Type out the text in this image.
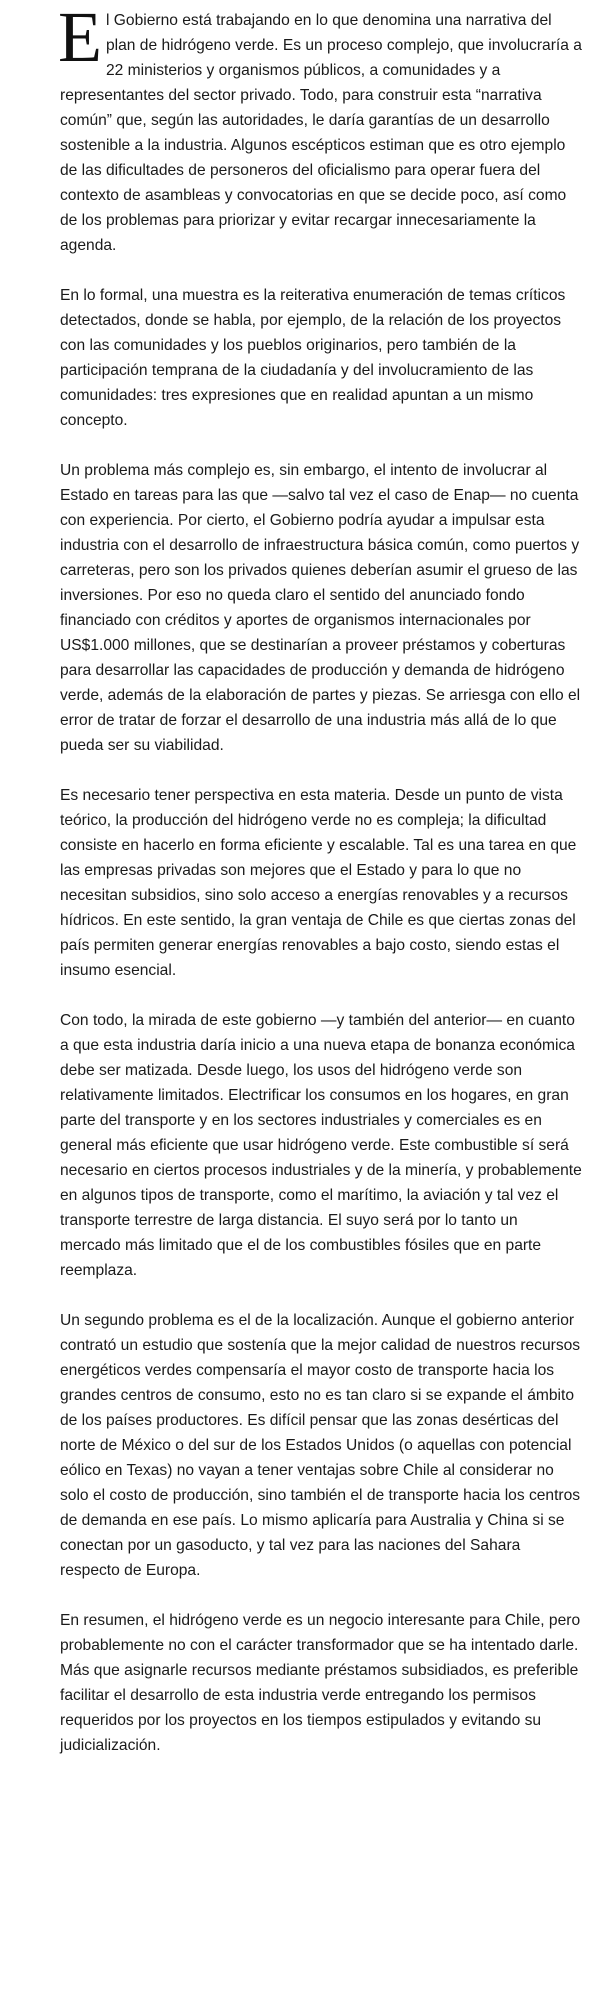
El Gobierno está trabajando en lo que denomina una narrativa del plan de hidrógeno verde. Es un proceso complejo, que involucraría a 22 ministerios y organismos públicos, a comunidades y a representantes del sector privado. Todo, para construir esta “narrativa común” que, según las autoridades, le daría garantías de un desarrollo sostenible a la industria. Algunos escépticos estiman que es otro ejemplo de las dificultades de personeros del oficialismo para operar fuera del contexto de asambleas y convocatorias en que se decide poco, así como de los problemas para priorizar y evitar recargar innecesariamente la agenda.

En lo formal, una muestra es la reiterativa enumeración de temas críticos detectados, donde se habla, por ejemplo, de la relación de los proyectos con las comunidades y los pueblos originarios, pero también de la participación temprana de la ciudadanía y del involucramiento de las comunidades: tres expresiones que en realidad apuntan a un mismo concepto.

Un problema más complejo es, sin embargo, el intento de involucrar al Estado en tareas para las que —salvo tal vez el caso de Enap— no cuenta con experiencia. Por cierto, el Gobierno podría ayudar a impulsar esta industria con el desarrollo de infraestructura básica común, como puertos y carreteras, pero son los privados quienes deberían asumir el grueso de las inversiones. Por eso no queda claro el sentido del anunciado fondo financiado con créditos y aportes de organismos internacionales por US$1.000 millones, que se destinarían a proveer préstamos y coberturas para desarrollar las capacidades de producción y demanda de hidrógeno verde, además de la elaboración de partes y piezas. Se arriesga con ello el error de tratar de forzar el desarrollo de una industria más allá de lo que pueda ser su viabilidad.

Es necesario tener perspectiva en esta materia. Desde un punto de vista teórico, la producción del hidrógeno verde no es compleja; la dificultad consiste en hacerlo en forma eficiente y escalable. Tal es una tarea en que las empresas privadas son mejores que el Estado y para lo que no necesitan subsidios, sino solo acceso a energías renovables y a recursos hídricos. En este sentido, la gran ventaja de Chile es que ciertas zonas del país permiten generar energías renovables a bajo costo, siendo estas el insumo esencial.

Con todo, la mirada de este gobierno —y también del anterior— en cuanto a que esta industria daría inicio a una nueva etapa de bonanza económica debe ser matizada. Desde luego, los usos del hidrógeno verde son relativamente limitados. Electrificar los consumos en los hogares, en gran parte del transporte y en los sectores industriales y comerciales es en general más eficiente que usar hidrógeno verde. Este combustible sí será necesario en ciertos procesos industriales y de la minería, y probablemente en algunos tipos de transporte, como el marítimo, la aviación y tal vez el transporte terrestre de larga distancia. El suyo será por lo tanto un mercado más limitado que el de los combustibles fósiles que en parte reemplaza.

Un segundo problema es el de la localización. Aunque el gobierno anterior contrató un estudio que sostenía que la mejor calidad de nuestros recursos energéticos verdes compensaría el mayor costo de transporte hacia los grandes centros de consumo, esto no es tan claro si se expande el ámbito de los países productores. Es difícil pensar que las zonas desérticas del norte de México o del sur de los Estados Unidos (o aquellas con potencial eólico en Texas) no vayan a tener ventajas sobre Chile al considerar no solo el costo de producción, sino también el de transporte hacia los centros de demanda en ese país. Lo mismo aplicaría para Australia y China si se conectan por un gasoducto, y tal vez para las naciones del Sahara respecto de Europa.

En resumen, el hidrógeno verde es un negocio interesante para Chile, pero probablemente no con el carácter transformador que se ha intentado darle. Más que asignarle recursos mediante préstamos subsidiados, es preferible facilitar el desarrollo de esta industria verde entregando los permisos requeridos por los proyectos en los tiempos estipulados y evitando su judicialización.
